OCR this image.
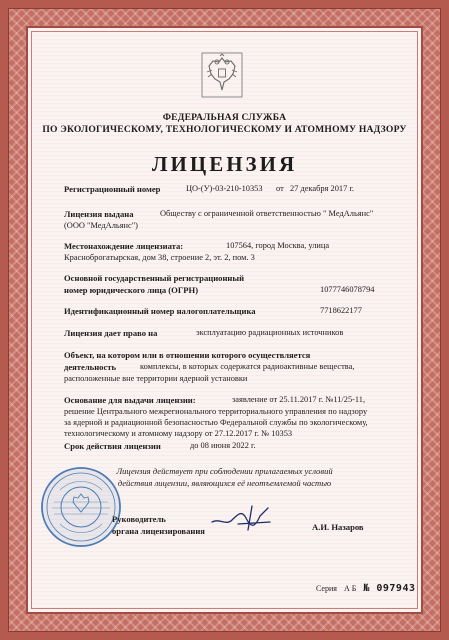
ФЕДЕРАЛЬНАЯ СЛУЖБА
ПО ЭКОЛОГИЧЕСКОМУ, ТЕХНОЛОГИЧЕСКОМУ И АТОМНОМУ НАДЗОРУ
ЛИЦЕНЗИЯ
Регистрационный номер	ЦО-(У)-03-210-10353 от 27 декабря 2017 г.
Лицензия выдана	Обществу с ограниченной ответственностью " МедАльянс"
(ООО "МедАльянс")
Местонахождение лицензиата:	107564, город Москва, улица
Красноброгатырская, дом 38, строение 2, эт. 2, пом. 3
Основной государственный регистрационный
номер юридического лица (ОГРН)	1077746078794
Идентификационный номер налогоплательщика	7718622177
Лицензия дает право на	эксплуатацию радиационных источников
Объект, на котором или в отношении которого осуществляется
деятельность	комплексы, в которых содержатся радиоактивные вещества,
расположенные вне территории ядерной установки
Основание для выдачи лицензии:	заявление от 25.11.2017 г. №11/25-11,
решение Центрального межрегионального территориального управления по надзору
за ядерной и радиационной безопасностью Федеральной службы по экологическому,
технологическому и атомному надзору от 27.12.2017 г. № 10353
Срок действия лицензии	до 08 июня 2022 г.
Лицензия действует при соблюдении прилагаемых условий
действия лицензии, являющихся её неотъемлемой частью
Руководитель
органа лицензирования	А.И. Назаров
Серия А Б № 097943
